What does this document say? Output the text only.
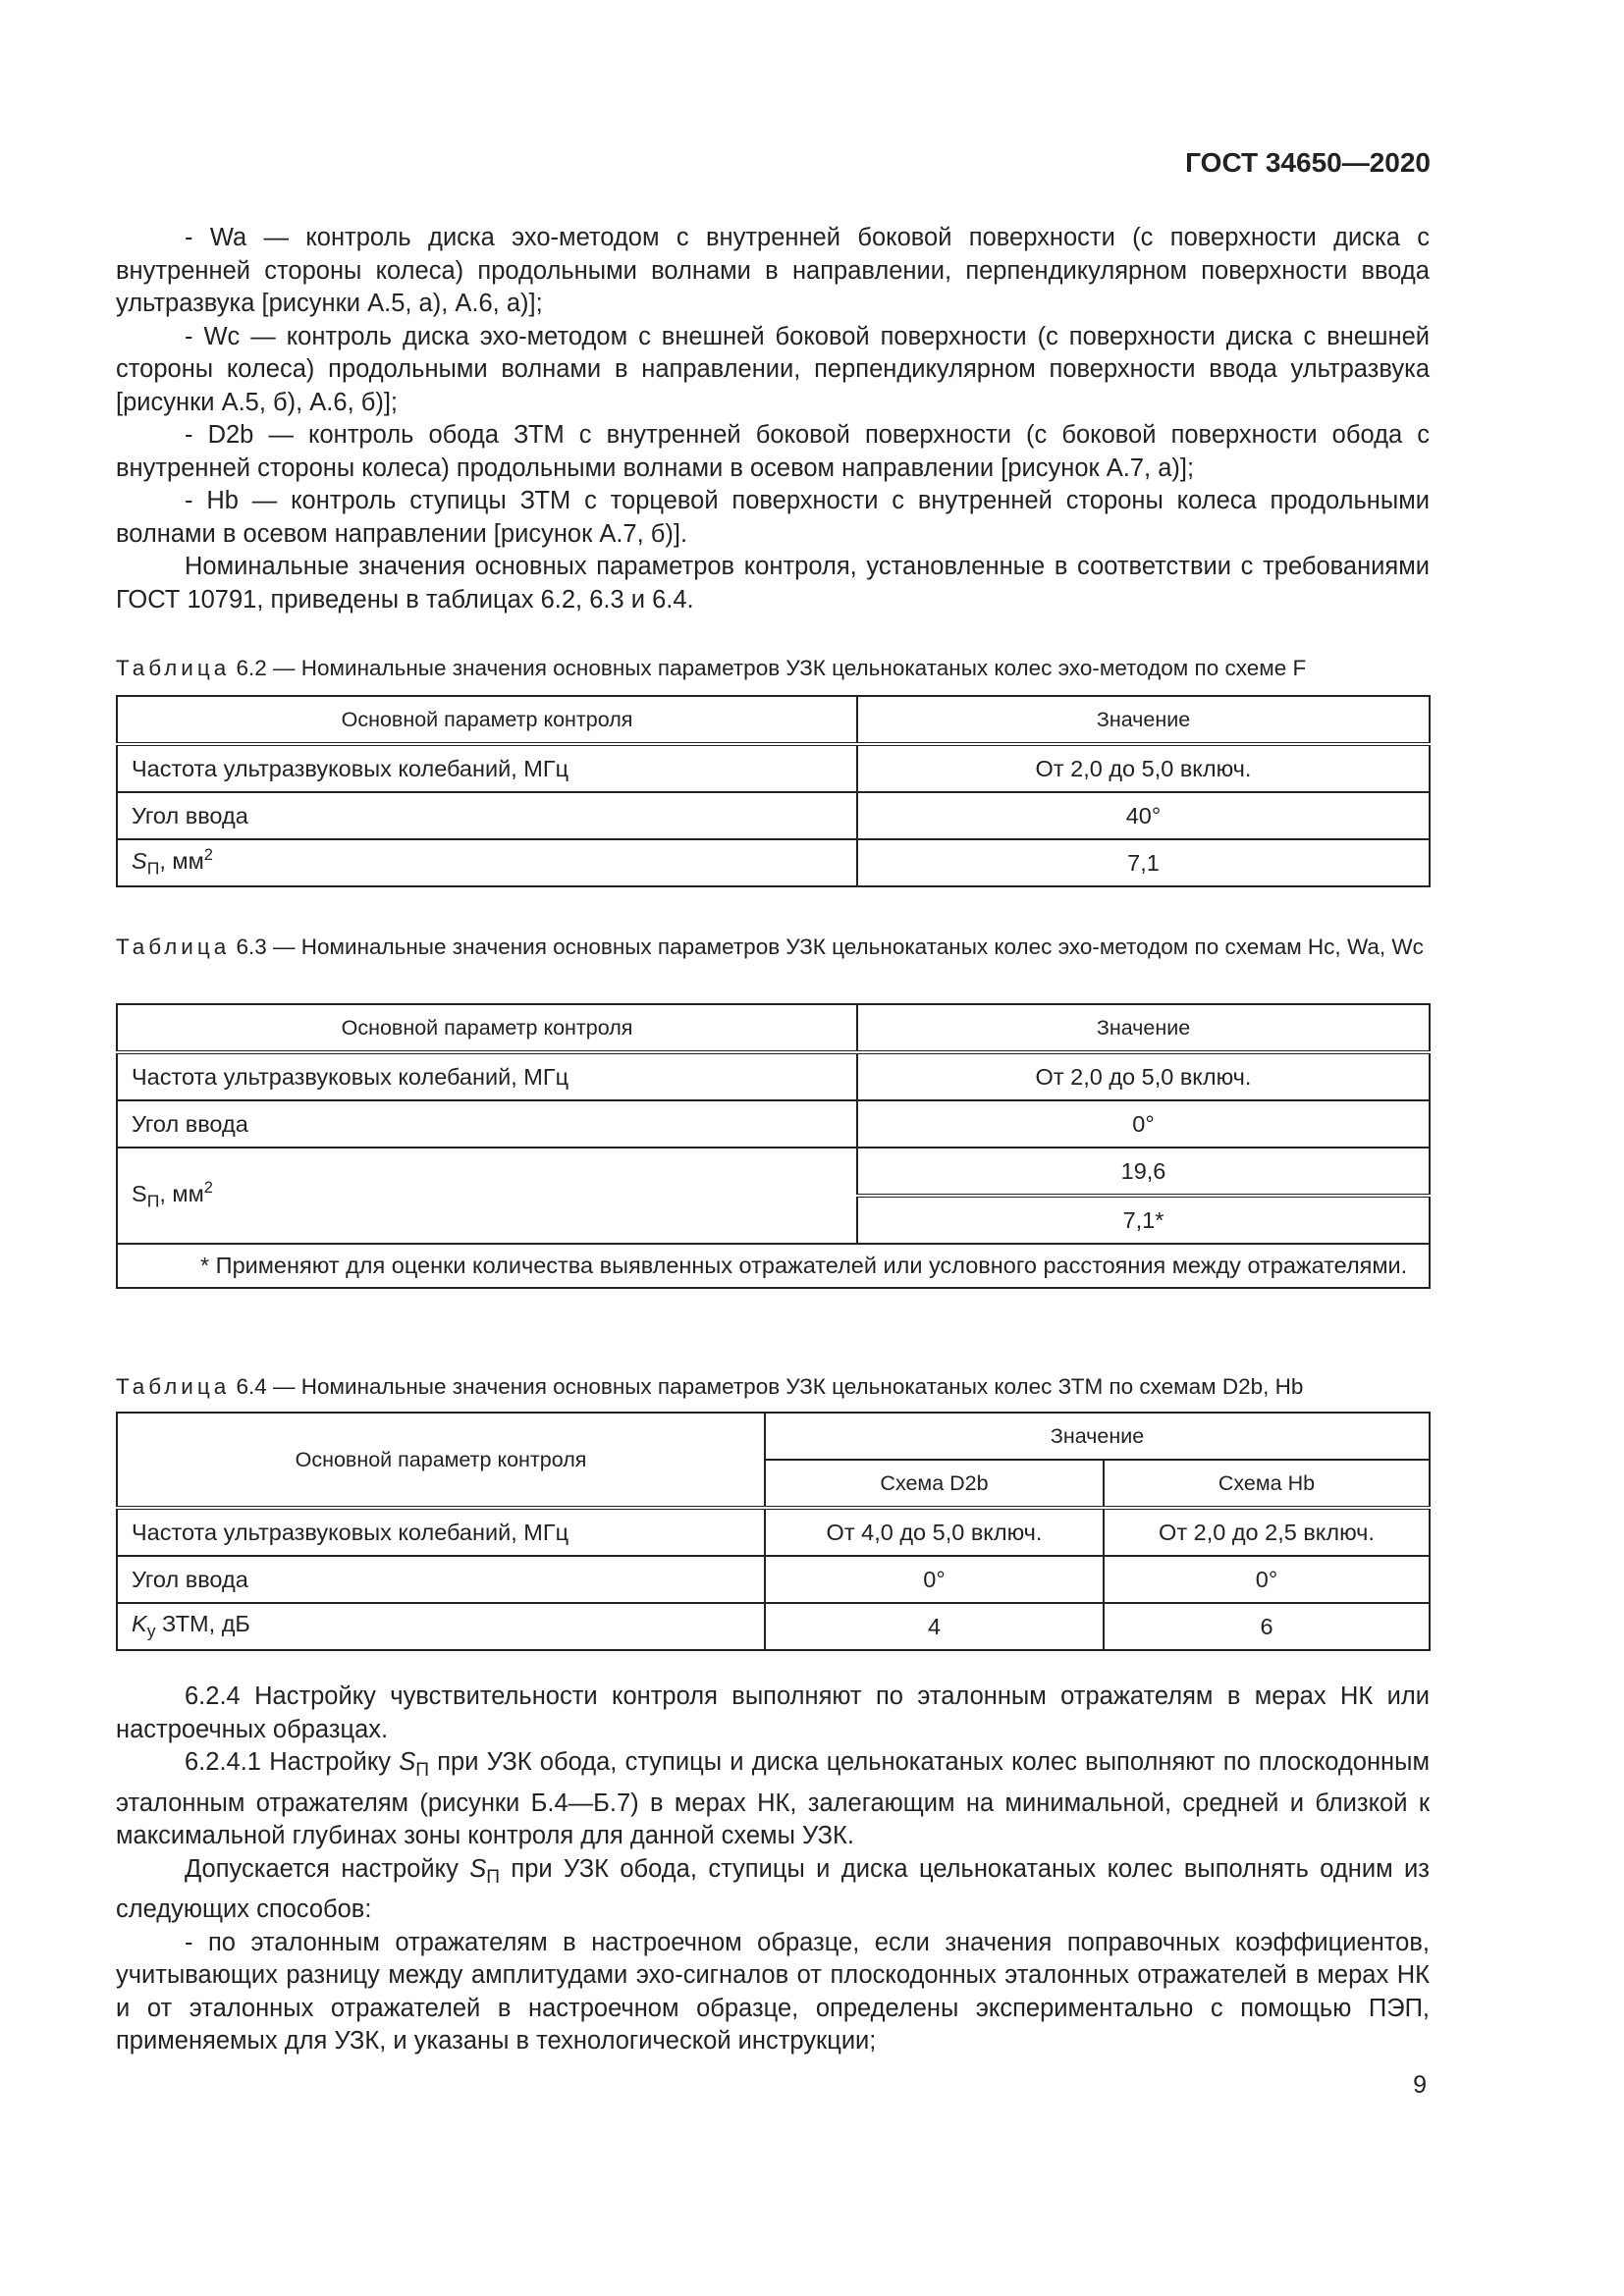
ГОСТ 34650—2020

- Wa — контроль диска эхо-методом с внутренней боковой поверхности (с поверхности диска с внутренней стороны колеса) продольными волнами в направлении, перпендикулярном поверхности ввода ультразвука [рисунки А.5, а), А.6, а)];

- Wc — контроль диска эхо-методом с внешней боковой поверхности (с поверхности диска с внешней стороны колеса) продольными волнами в направлении, перпендикулярном поверхности ввода ультразвука [рисунки А.5, б), А.6, б)];

- D2b — контроль обода ЗТМ с внутренней боковой поверхности (с боковой поверхности обода с внутренней стороны колеса) продольными волнами в осевом направлении [рисунок А.7, а)];

- Hb — контроль ступицы ЗТМ с торцевой поверхности с внутренней стороны колеса продольными волнами в осевом направлении [рисунок А.7, б)].

Номинальные значения основных параметров контроля, установленные в соответствии с требованиями ГОСТ 10791, приведены в таблицах 6.2, 6.3 и 6.4.

Таблица 6.2 — Номинальные значения основных параметров УЗК цельнокатаных колес эхо-методом по схеме F
Основной параметр контроля	Значение
Частота ультразвуковых колебаний, МГц	От 2,0 до 5,0 включ.
Угол ввода	40°
$S_П$, $мм^2$	7,1
Таблица 6.3 — Номинальные значения основных параметров УЗК цельнокатаных колес эхо-методом по схемам Hc, Wa, Wc
Основной параметр контроля	Значение
Частота ультразвуковых колебаний, МГц	От 2,0 до 5,0 включ.
Угол ввода	0°
$S_П$, $мм^2$	19,6
	7,1*
* Применяют для оценки количества выявленных отражателей или условного расстояния между отражателями.	
Таблица 6.4 — Номинальные значения основных параметров УЗК цельнокатаных колес ЗТМ по схемам D2b, Hb
Основной параметр контроля	Значение	
	Схема D2b	Схема Hb
Частота ультразвуковых колебаний, МГц	От 4,0 до 5,0 включ.	От 2,0 до 2,5 включ.
Угол ввода	0°	0°
$K_у$ ЗТМ, дБ	4	6

6.2.4 Настройку чувствительности контроля выполняют по эталонным отражателям в мерах НК или настроечных образцах.

6.2.4.1 Настройку $S_П$ при УЗК обода, ступицы и диска цельнокатаных колес выполняют по плоскодонным эталонным отражателям (рисунки Б.4—Б.7) в мерах НК, залегающим на минимальной, средней и близкой к максимальной глубинах зоны контроля для данной схемы УЗК.

Допускается настройку $S_П$ при УЗК обода, ступицы и диска цельнокатаных колес выполнять одним из следующих способов:

- по эталонным отражателям в настроечном образце, если значения поправочных коэффициентов, учитывающих разницу между амплитудами эхо-сигналов от плоскодонных эталонных отражателей в мерах НК и от эталонных отражателей в настроечном образце, определены экспериментально с помощью ПЭП, применяемых для УЗК, и указаны в технологической инструкции;

9
